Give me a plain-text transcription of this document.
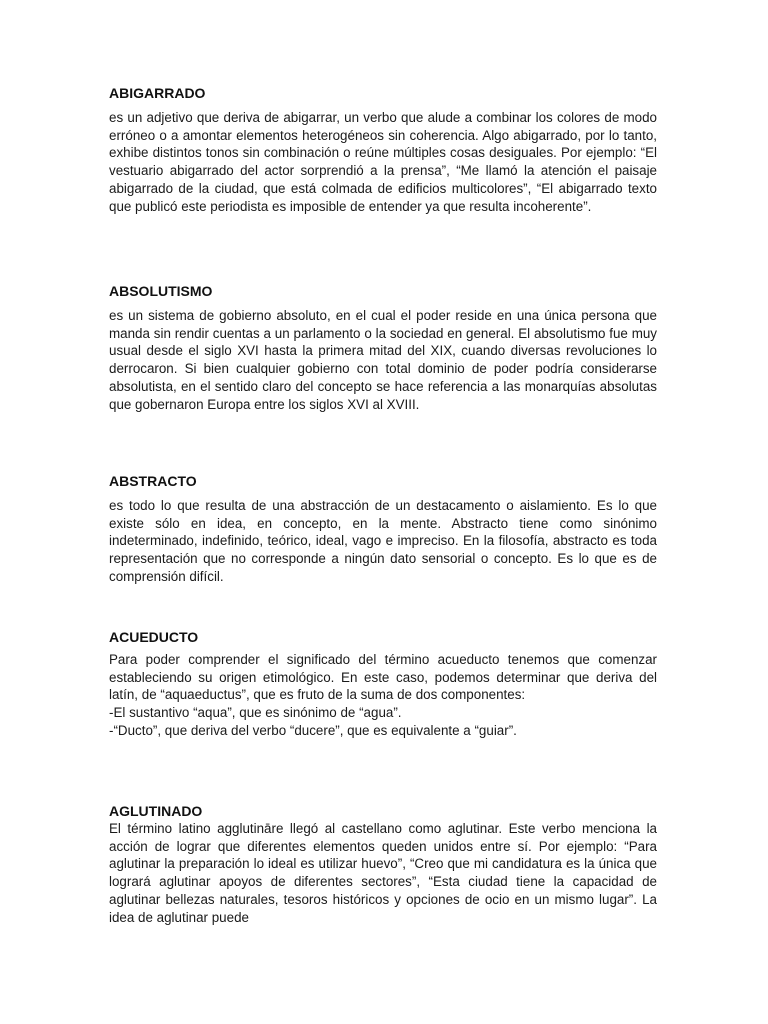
ABIGARRADO

es un adjetivo que deriva de abigarrar, un verbo que alude a combinar los colores de modo erróneo o a amontar elementos heterogéneos sin coherencia. Algo abigarrado, por lo tanto, exhibe distintos tonos sin combinación o reúne múltiples cosas desiguales. Por ejemplo: “El vestuario abigarrado del actor sorprendió a la prensa”, “Me llamó la atención el paisaje abigarrado de la ciudad, que está colmada de edificios multicolores”, “El abigarrado texto que publicó este periodista es imposible de entender ya que resulta incoherente”.

ABSOLUTISMO

es un sistema de gobierno absoluto, en el cual el poder reside en una única persona que manda sin rendir cuentas a un parlamento o la sociedad en general. El absolutismo fue muy usual desde el siglo XVI hasta la primera mitad del XIX, cuando diversas revoluciones lo derrocaron. Si bien cualquier gobierno con total dominio de poder podría considerarse absolutista, en el sentido claro del concepto se hace referencia a las monarquías absolutas que gobernaron Europa entre los siglos XVI al XVIII.

ABSTRACTO

es todo lo que resulta de una abstracción de un destacamento o aislamiento. Es lo que existe sólo en idea, en concepto, en la mente. Abstracto tiene como sinónimo indeterminado, indefinido, teórico, ideal, vago e impreciso. En la filosofía, abstracto es toda representación que no corresponde a ningún dato sensorial o concepto. Es lo que es de comprensión difícil.

ACUEDUCTO

Para poder comprender el significado del término acueducto tenemos que comenzar estableciendo su origen etimológico. En este caso, podemos determinar que deriva del latín, de “aquaeductus”, que es fruto de la suma de dos componentes:
-El sustantivo “aqua”, que es sinónimo de “agua”.
-“Ducto”, que deriva del verbo “ducere”, que es equivalente a “guiar”.

AGLUTINADO

El término latino agglutināre llegó al castellano como aglutinar. Este verbo menciona la acción de lograr que diferentes elementos queden unidos entre sí. Por ejemplo: “Para aglutinar la preparación lo ideal es utilizar huevo”, “Creo que mi candidatura es la única que logrará aglutinar apoyos de diferentes sectores”, “Esta ciudad tiene la capacidad de aglutinar bellezas naturales, tesoros históricos y opciones de ocio en un mismo lugar”. La idea de aglutinar puede
